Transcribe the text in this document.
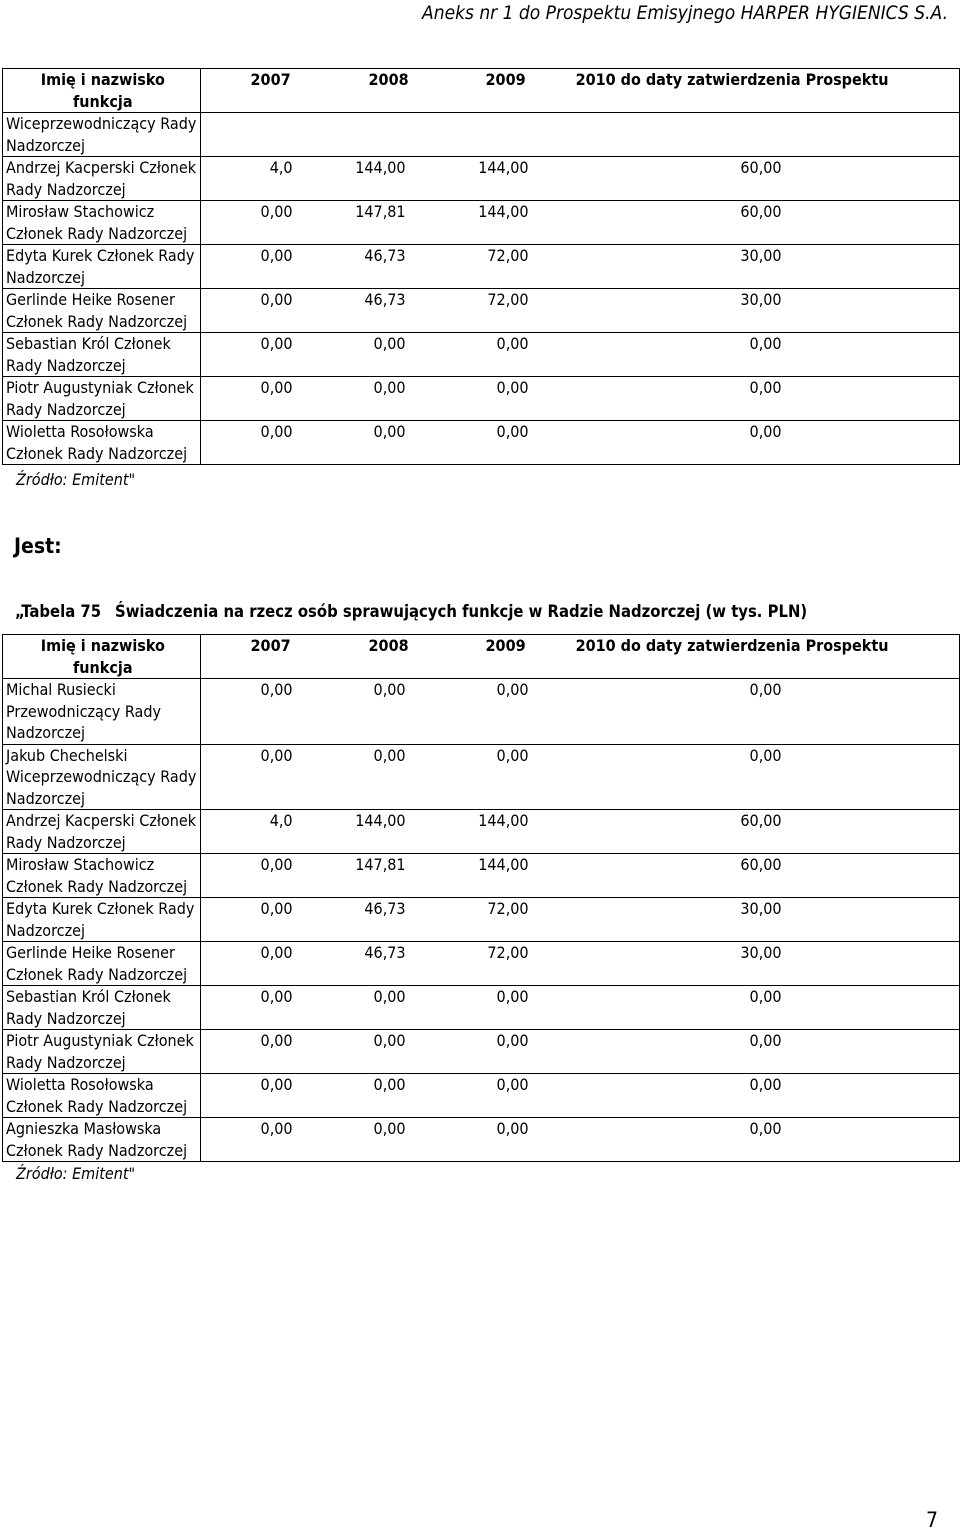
Aneks nr 1 do Prospektu Emisyjnego HARPER HYGIENICS S.A.
Imię i nazwisko
funkcja	2007 2008 2009 2010 do daty zatwierdzenia Prospektu

Wiceprzewodniczący Rady
Nadzorczej	

Andrzej Kacperski Członek
Rady Nadzorczej	4,0 144,00 144,00 60,00

Mirosław Stachowicz
Członek Rady Nadzorczej	0,00 147,81 144,00 60,00

Edyta Kurek Członek Rady
Nadzorczej	0,00 46,73 72,00 30,00

Gerlinde Heike Rosener
Członek Rady Nadzorczej	0,00 46,73 72,00 30,00

Sebastian Król Członek
Rady Nadzorczej	0,00 0,00 0,00 0,00

Piotr Augustyniak Członek
Rady Nadzorczej	0,00 0,00 0,00 0,00

Wioletta Rosołowska
Członek Rady Nadzorczej	0,00 0,00 0,00 0,00
Źródło: Emitent"
Jest:
„Tabela 75 Świadczenia na rzecz osób sprawujących funkcje w Radzie Nadzorczej (w tys. PLN)
Imię i nazwisko
funkcja	2007 2008 2009 2010 do daty zatwierdzenia Prospektu

Michal Rusiecki
Przewodniczący Rady
Nadzorczej	0,00 0,00 0,00 0,00

Jakub Chechelski
Wiceprzewodniczący Rady
Nadzorczej	0,00 0,00 0,00 0,00

Andrzej Kacperski Członek
Rady Nadzorczej	4,0 144,00 144,00 60,00

Mirosław Stachowicz
Członek Rady Nadzorczej	0,00 147,81 144,00 60,00

Edyta Kurek Członek Rady
Nadzorczej	0,00 46,73 72,00 30,00

Gerlinde Heike Rosener
Członek Rady Nadzorczej	0,00 46,73 72,00 30,00

Sebastian Król Członek
Rady Nadzorczej	0,00 0,00 0,00 0,00

Piotr Augustyniak Członek
Rady Nadzorczej	0,00 0,00 0,00 0,00

Wioletta Rosołowska
Członek Rady Nadzorczej	0,00 0,00 0,00 0,00

Agnieszka Masłowska
Członek Rady Nadzorczej	0,00 0,00 0,00 0,00
Źródło: Emitent"
7
